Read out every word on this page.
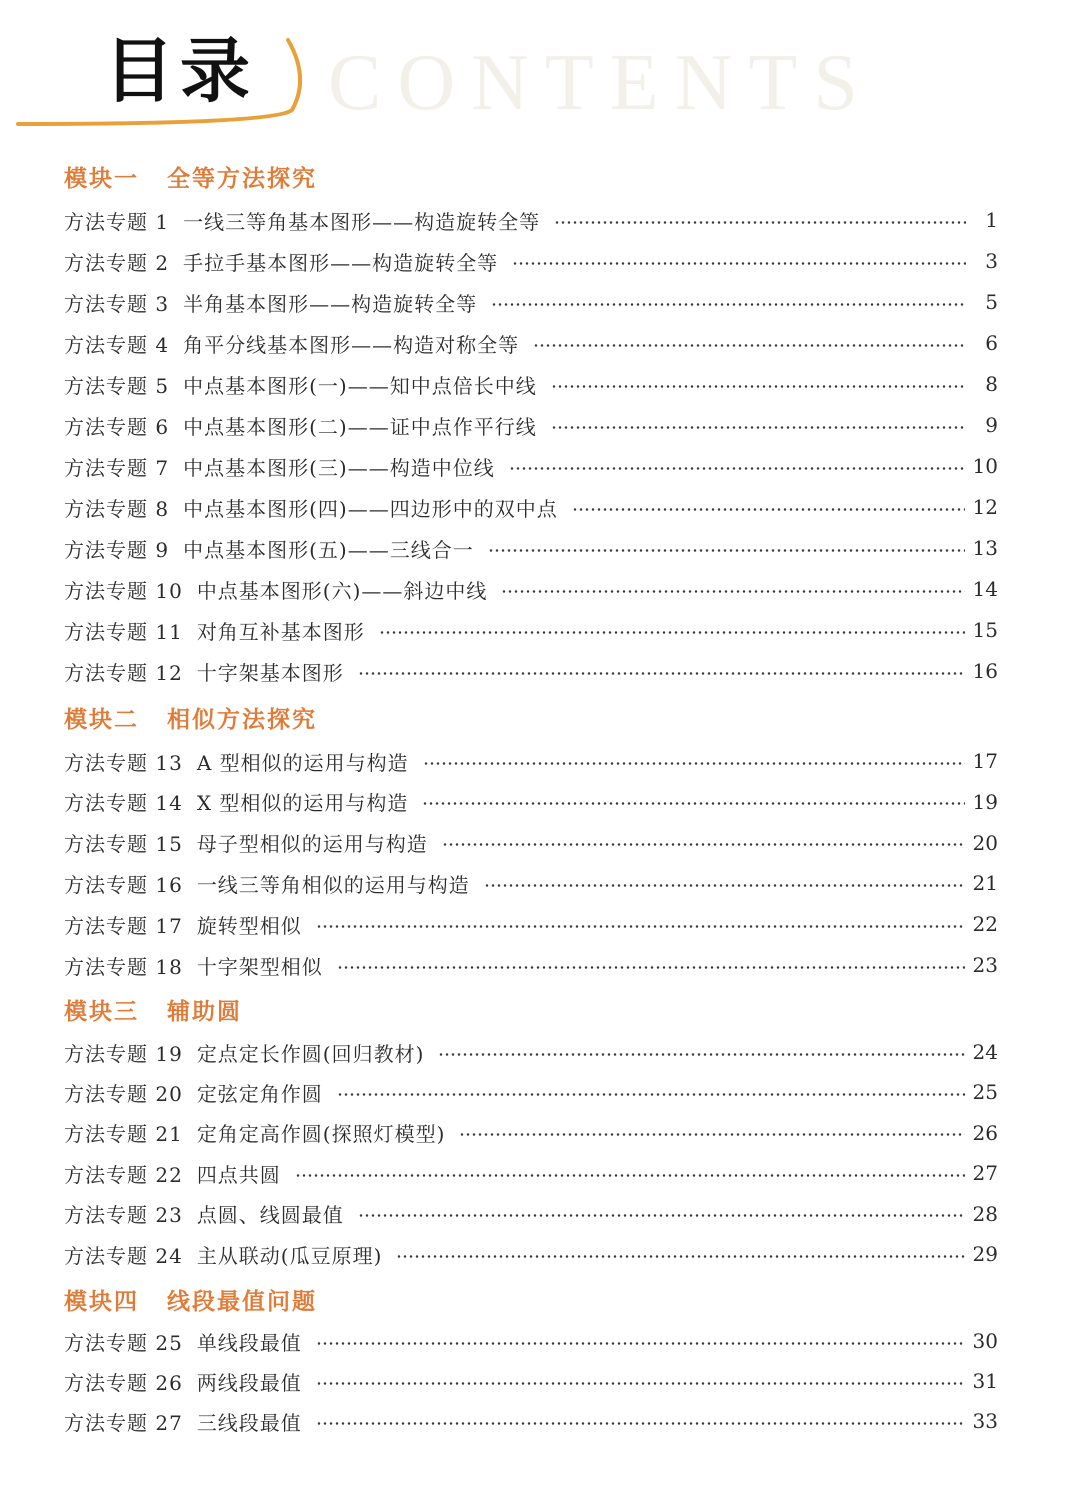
CONTENTS
目录
模块一 全等方法探究
方法专题 1 一线三等角基本图形——构造旋转全等	1
方法专题 2 手拉手基本图形——构造旋转全等	3
方法专题 3 半角基本图形——构造旋转全等	5
方法专题 4 角平分线基本图形——构造对称全等	6
方法专题 5 中点基本图形(一)——知中点倍长中线	8
方法专题 6 中点基本图形(二)——证中点作平行线	9
方法专题 7 中点基本图形(三)——构造中位线	10
方法专题 8 中点基本图形(四)——四边形中的双中点	12
方法专题 9 中点基本图形(五)——三线合一	13
方法专题 10 中点基本图形(六)——斜边中线	14
方法专题 11 对角互补基本图形	15
方法专题 12 十字架基本图形	16
模块二 相似方法探究
方法专题 13 A 型相似的运用与构造	17
方法专题 14 X 型相似的运用与构造	19
方法专题 15 母子型相似的运用与构造	20
方法专题 16 一线三等角相似的运用与构造	21
方法专题 17 旋转型相似	22
方法专题 18 十字架型相似	23
模块三 辅助圆
方法专题 19 定点定长作圆(回归教材)	24
方法专题 20 定弦定角作圆	25
方法专题 21 定角定高作圆(探照灯模型)	26
方法专题 22 四点共圆	27
方法专题 23 点圆、线圆最值	28
方法专题 24 主从联动(瓜豆原理)	29
模块四 线段最值问题
方法专题 25 单线段最值	30
方法专题 26 两线段最值	31
方法专题 27 三线段最值	33
